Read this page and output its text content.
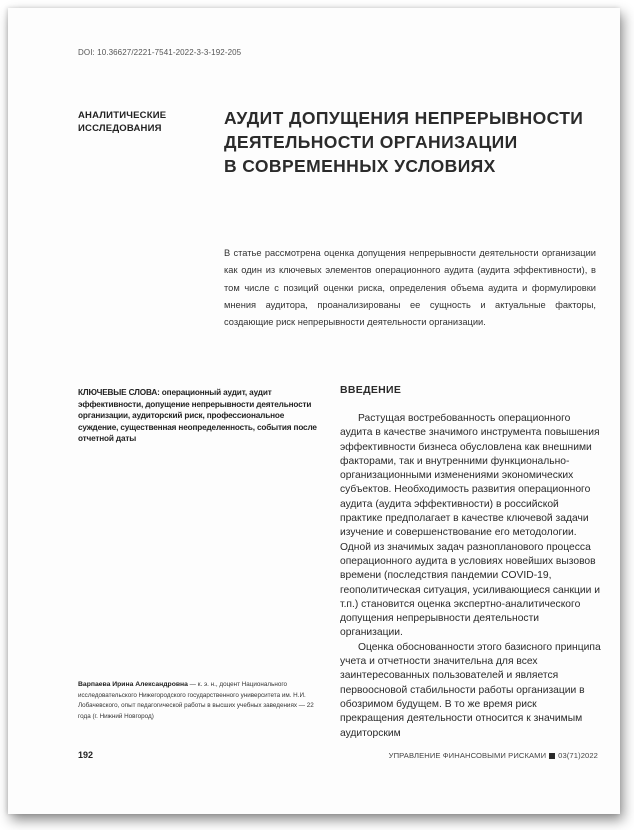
DOI: 10.36627/2221-7541-2022-3-3-192-205
АНАЛИТИЧЕСКИЕ
ИССЛЕДОВАНИЯ
АУДИТ ДОПУЩЕНИЯ НЕПРЕРЫВНОСТИ
ДЕЯТЕЛЬНОСТИ ОРГАНИЗАЦИИ
В СОВРЕМЕННЫХ УСЛОВИЯХ

В статье рассмотрена оценка допущения непрерывности деятельности организации как один из ключевых элементов операционного аудита (аудита эффективности), в том числе с позиций оценки риска, определения объема аудита и формулировки мнения аудитора, проанализированы ее сущность и актуальные факторы, создающие риск непрерывности деятельности организации.

КЛЮЧЕВЫЕ СЛОВА: операционный аудит, аудит эффективности, допущение непрерывности деятельности организации, аудиторский риск, профессиональное суждение, существенная неопределенность, события после отчетной даты

ВВЕДЕНИЕ

Растущая востребованность операционного аудита в качестве значимого инструмента повышения эффективности бизнеса обусловлена как внешними факторами, так и внутренними функционально-организационными изменениями экономических субъектов. Необходимость развития операционного аудита (аудита эффективности) в российской практике предполагает в качестве ключевой задачи изучение и совершенствование его методологии. Одной из значимых задач разнопланового процесса операционного аудита в условиях новейших вызовов времени (последствия пандемии COVID-19, геополитическая ситуация, усиливающиеся санкции и т.п.) становится оценка экспертно-аналитического допущения непрерывности деятельности организации.

Оценка обоснованности этого базисного принципа учета и отчетности значительна для всех заинтересованных пользователей и является первоосновой стабильности работы организации в обозримом будущем. В то же время риск прекращения деятельности относится к значимым аудиторским

Варпаева Ирина Александровна — к. э. н., доцент Национального исследовательского Нижегородского государственного университета им. Н.И. Лобачевского, опыт педагогической работы в высших учебных заведениях — 22 года (г. Нижний Новгород)
192	УПРАВЛЕНИЕ ФИНАНСОВЫМИ РИСКАМИ 03(71)2022
